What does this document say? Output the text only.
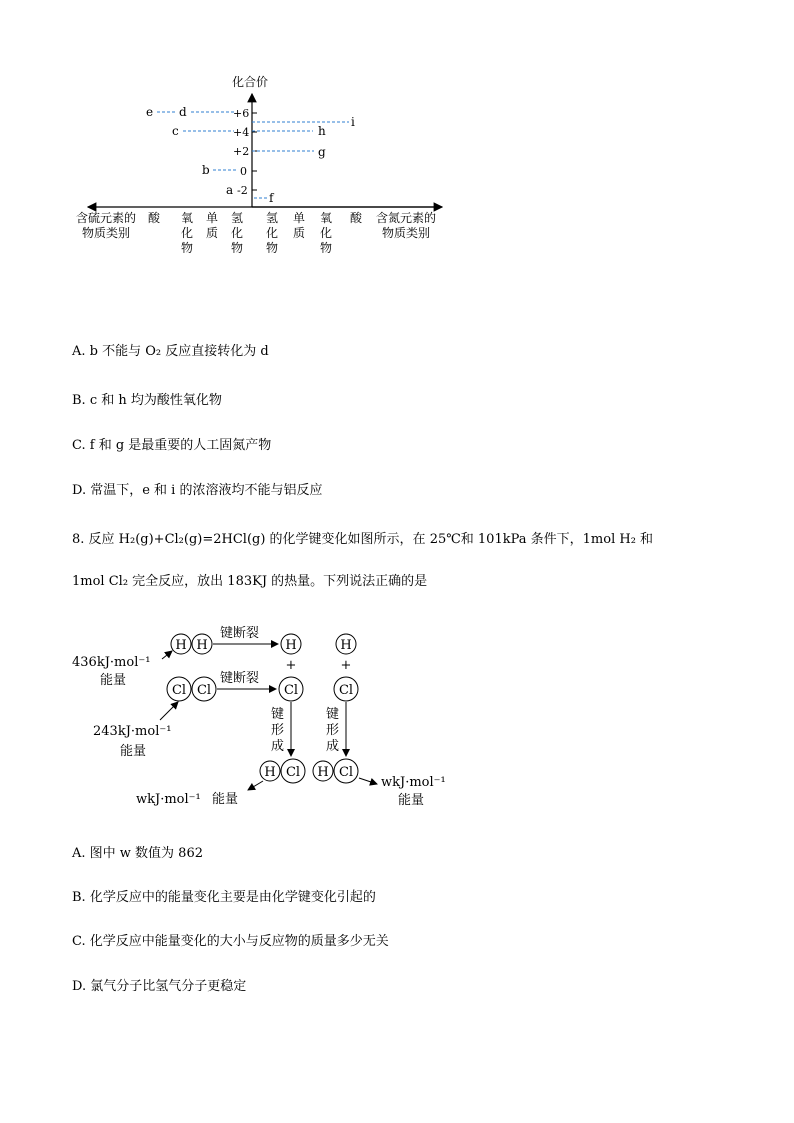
化合价
+6
+4
+2
0
-2
e d
c
b
a
i
h
g
f
含硫元素的
物质类别
含氮元素的
物质类别
酸 氧
化
物
单
质
氢
化
物
氢
化
物
单
质
氧
化
物
酸
A. b 不能与 O₂ 反应直接转化为 d
B. c 和 h 均为酸性氧化物
C. f 和 g 是最重要的人工固氮产物
D. 常温下，e 和 i 的浓溶液均不能与铝反应
8. 反应 H₂(g)+Cl₂(g)=2HCl(g) 的化学键变化如图所示，在 25℃和 101kPa 条件下，1mol H₂ 和
1mol Cl₂ 完全反应，放出 183KJ 的热量。下列说法正确的是
H H	H	H
Cl Cl	Cl	Cl
H Cl H Cl
+	+
键断裂
键断裂
键
形
成
键
形
成
436kJ·mol⁻¹
能量
243kJ·mol⁻¹
能量
wkJ·mol⁻¹ 能量
wkJ·mol⁻¹
能量
A. 图中 w 数值为 862
B. 化学反应中的能量变化主要是由化学键变化引起的
C. 化学反应中能量变化的大小与反应物的质量多少无关
D. 氯气分子比氢气分子更稳定
